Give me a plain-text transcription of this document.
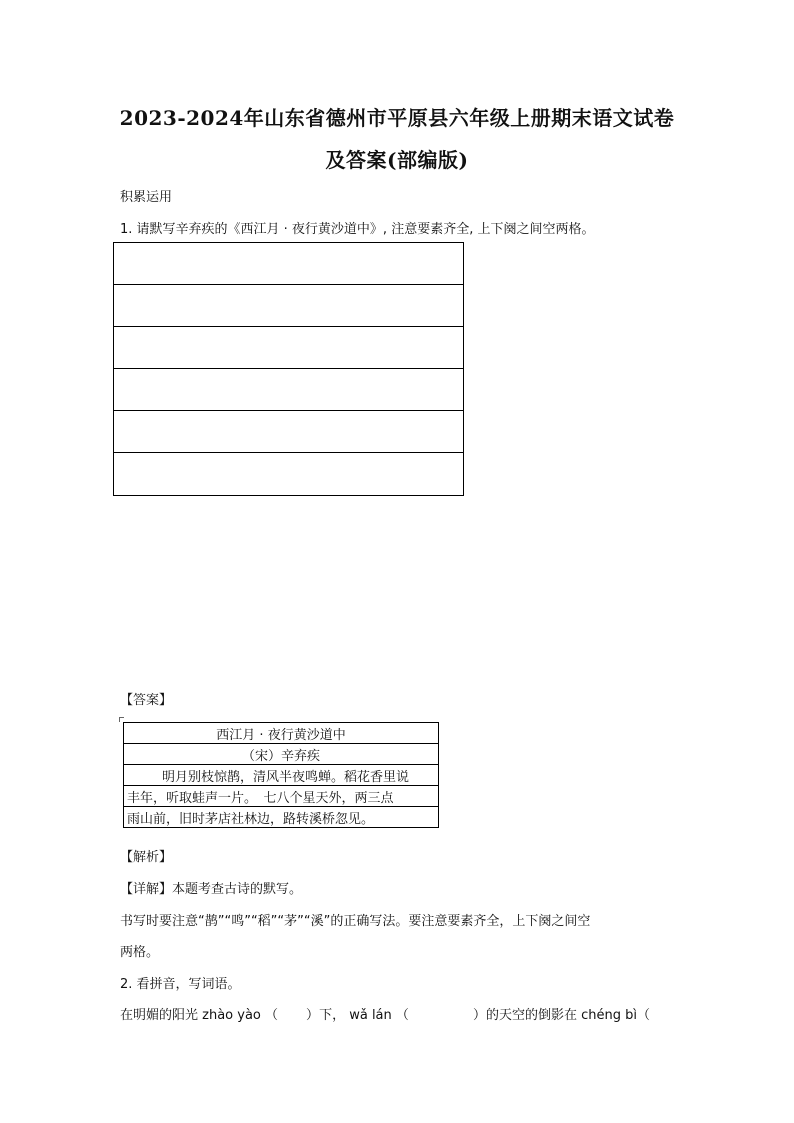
2023-2024年山东省德州市平原县六年级上册期末语文试卷
及答案(部编版)
积累运用
1. 请默写辛弃疾的《西江月 · 夜行黄沙道中》, 注意要素齐全, 上下阕之间空两格。
【答案】
西江月 · 夜行黄沙道中
（宋）辛弃疾
明月别枝惊鹊，清风半夜鸣蝉。稻花香里说
丰年，听取蛙声一片。　七八个星天外，两三点
雨山前，旧时茅店社林边，路转溪桥忽见。
【解析】
【详解】本题考查古诗的默写。
书写时要注意“鹊”“鸣”“稻”“茅”“溪”的正确写法。要注意要素齐全，上下阕之间空
两格。
2. 看拼音，写词语。
在明媚的阳光 zhào yào （ ）下， wǎ lán （	）的天空的倒影在 chéng bì（
